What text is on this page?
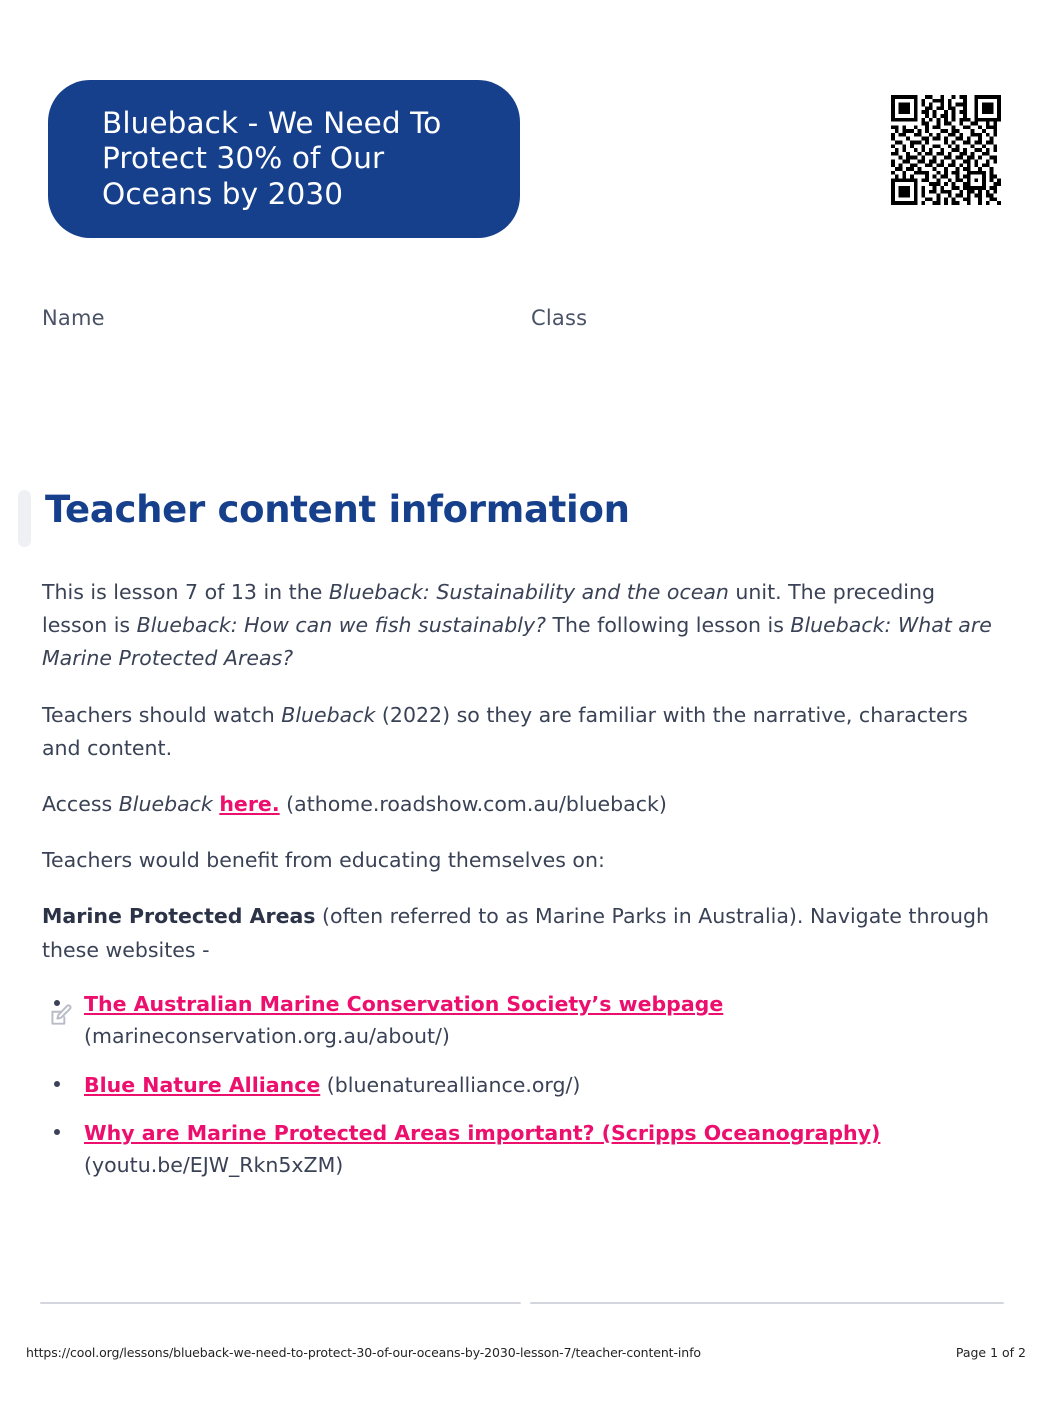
Blueback - We Need To Protect 30% of Our Oceans by 2030
Name	Class
Teacher content information

This is lesson 7 of 13 in the Blueback: Sustainability and the ocean unit. The preceding lesson is Blueback: How can we fish sustainably? The following lesson is Blueback: What are Marine Protected Areas?

Teachers should watch Blueback (2022) so they are familiar with the narrative, characters and content.

Access Blueback here. (athome.roadshow.com.au/blueback)

Teachers would benefit from educating themselves on:

Marine Protected Areas (often referred to as Marine Parks in Australia). Navigate through these websites -

The Australian Marine Conservation Society’s webpage (marineconservation.org.au/about/)
Blue Nature Alliance (bluenaturealliance.org/)
Why are Marine Protected Areas important? (Scripps Oceanography) (youtu.be/EJW_Rkn5xZM)
https://cool.org/lessons/blueback-we-need-to-protect-30-of-our-oceans-by-2030-lesson-7/teacher-content-info	Page 1 of 2
